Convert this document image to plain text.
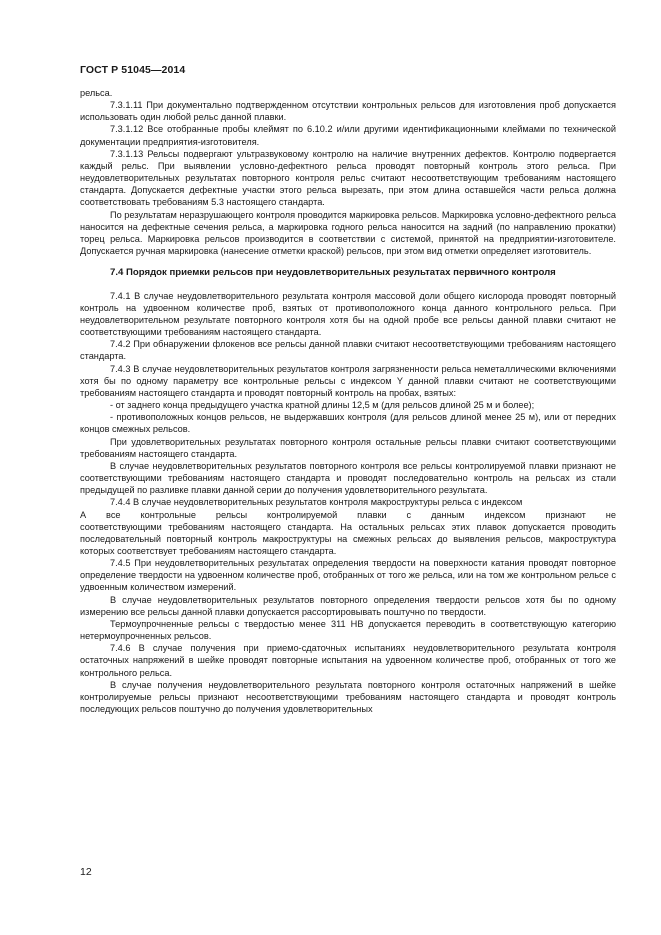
ГОСТ Р 51045—2014

рельса.

7.3.1.11 При документально подтвержденном отсутствии контрольных рельсов для изготовления проб допускается использовать один любой рельс данной плавки.

7.3.1.12 Все отобранные пробы клеймят по 6.10.2 и/или другими идентификационными клеймами по технической документации предприятия-изготовителя.

7.3.1.13 Рельсы подвергают ультразвуковому контролю на наличие внутренних дефектов. Контролю подвергается каждый рельс. При выявлении условно-дефектного рельса проводят повторный контроль этого рельса. При неудовлетворительных результатах повторного контроля рельс считают несоответствующим требованиям настоящего стандарта. Допускается дефектные участки этого рельса вырезать, при этом длина оставшейся части рельса должна соответствовать требованиям 5.3 настоящего стандарта.

По результатам неразрушающего контроля проводится маркировка рельсов. Маркировка условно-дефектного рельса наносится на дефектные сечения рельса, а маркировка годного рельса наносится на задний (по направлению прокатки) торец рельса. Маркировка рельсов производится в соответствии с системой, принятой на предприятии-изготовителе. Допускается ручная маркировка (нанесение отметки краской) рельсов, при этом вид отметки определяет изготовитель.

7.4 Порядок приемки рельсов при неудовлетворительных результатах первичного контроля

7.4.1 В случае неудовлетворительного результата контроля массовой доли общего кислорода проводят повторный контроль на удвоенном количестве проб, взятых от противоположного конца данного контрольного рельса. При неудовлетворительном результате повторного контроля хотя бы на одной пробе все рельсы данной плавки считают не соответствующими требованиям настоящего стандарта.

7.4.2 При обнаружении флокенов все рельсы данной плавки считают несоответствующими требованиям настоящего стандарта.

7.4.3 В случае неудовлетворительных результатов контроля загрязненности рельса неметаллическими включениями хотя бы по одному параметру все контрольные рельсы с индексом Y данной плавки считают не соответствующими требованиям настоящего стандарта и проводят повторный контроль на пробах, взятых:

- от заднего конца предыдущего участка кратной длины 12,5 м (для рельсов длиной 25 м и более);

- противоположных концов рельсов, не выдержавших контроля (для рельсов длиной менее 25 м), или от передних концов смежных рельсов.

При удовлетворительных результатах повторного контроля остальные рельсы плавки считают соответствующими требованиям настоящего стандарта.

В случае неудовлетворительных результатов повторного контроля все рельсы контролируемой плавки признают не соответствующими требованиям настоящего стандарта и проводят последовательно контроль на рельсах из стали предыдущей по разливке плавки данной серии до получения удовлетворительного результата.

7.4.4 В случае неудовлетворительных результатов контроля макроструктуры рельса с индексом

А все контрольные рельсы контролируемой плавки с данным индексом признают не

соответствующими требованиям настоящего стандарта. На остальных рельсах этих плавок допускается проводить последовательный повторный контроль макроструктуры на смежных рельсах до выявления рельсов, макроструктура которых соответствует требованиям настоящего стандарта.

7.4.5 При неудовлетворительных результатах определения твердости на поверхности катания проводят повторное определение твердости на удвоенном количестве проб, отобранных от того же рельса, или на том же контрольном рельсе с удвоенным количеством измерений.

В случае неудовлетворительных результатов повторного определения твердости рельсов хотя бы по одному измерению все рельсы данной плавки допускается рассортировывать поштучно по твердости.

Термоупрочненные рельсы с твердостью менее 311 НВ допускается переводить в соответствующую категорию нетермоупрочненных рельсов.

7.4.6 В случае получения при приемо-сдаточных испытаниях неудовлетворительного результата контроля остаточных напряжений в шейке проводят повторные испытания на удвоенном количестве проб, отобранных от того же контрольного рельса.

В случае получения неудовлетворительного результата повторного контроля остаточных напряжений в шейке контролируемые рельсы признают несоответствующими требованиям настоящего стандарта и проводят контроль последующих рельсов поштучно до получения удовлетворительных

12
